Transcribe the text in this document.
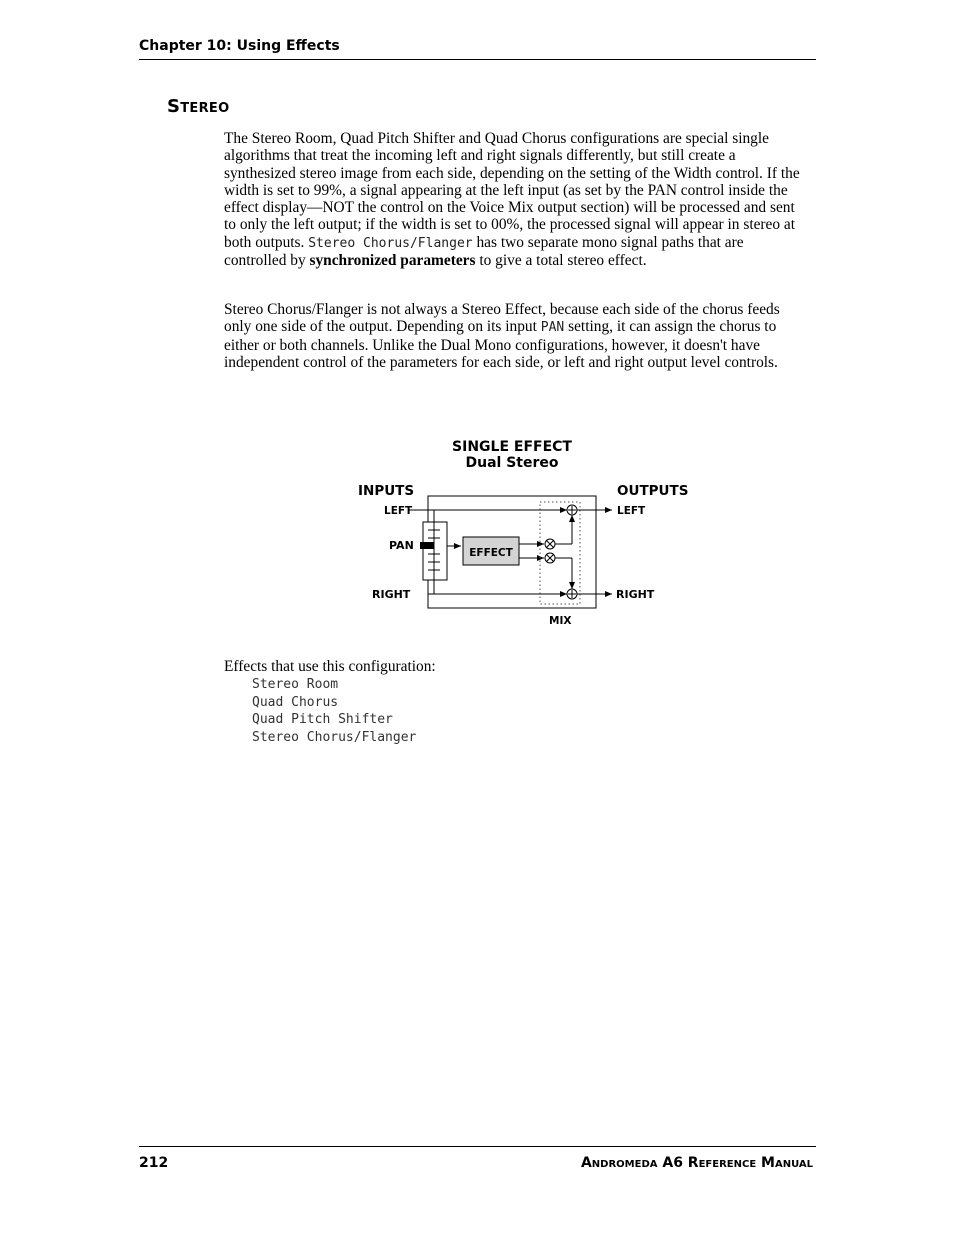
Chapter 10: Using Effects
Stereo
The Stereo Room, Quad Pitch Shifter and Quad Chorus configurations are special single algorithms that treat the incoming left and right signals differently, but still create a synthesized stereo image from each side, depending on the setting of the Width control. If the width is set to 99%, a signal appearing at the left input (as set by the PAN control inside the effect display—NOT the control on the Voice Mix output section) will be processed and sent to only the left output; if the width is set to 00%, the processed signal will appear in stereo at both outputs. Stereo Chorus/Flanger has two separate mono signal paths that are controlled by synchronized parameters to give a total stereo effect.
Stereo Chorus/Flanger is not always a Stereo Effect, because each side of the chorus feeds only one side of the output. Depending on its input PAN setting, it can assign the chorus to either or both channels. Unlike the Dual Mono configurations, however, it doesn't have independent control of the parameters for each side, or left and right output level controls.
SINGLE EFFECT
Dual Stereo
INPUTS	OUTPUTS
LEFT
PAN
RIGHT
LEFT
RIGHT
MIX
EFFECT
Effects that use this configuration:
Stereo Room
Quad Chorus
Quad Pitch Shifter
Stereo Chorus/Flanger
212	Andromeda A6 Reference Manual
